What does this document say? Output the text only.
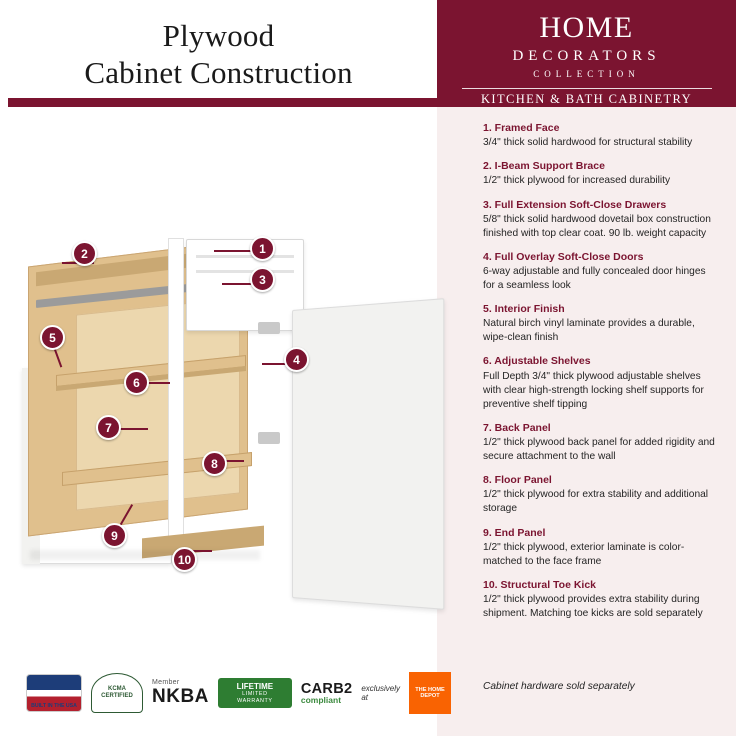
Plywood
Cabinet Construction
HOME
DECORATORS
COLLECTION
KITCHEN & BATH CABINETRY
1. Framed Face
3/4" thick solid hardwood for structural stability
2. I-Beam Support Brace
1/2" thick plywood for increased durability
3. Full Extension Soft-Close Drawers
5/8" thick solid hardwood dovetail box construction finished with top clear coat. 90 lb. weight capacity
4. Full Overlay Soft-Close Doors
6-way adjustable and fully concealed door hinges for a seamless look
5. Interior Finish
Natural birch vinyl laminate provides a durable, wipe-clean finish
6. Adjustable Shelves
Full Depth 3/4" thick plywood adjustable shelves with clear high-strength locking shelf supports for preventive shelf tipping
7. Back Panel
1/2" thick plywood back panel for added rigidity and secure attachment to the wall
8. Floor Panel
1/2" thick plywood for extra stability and additional storage
9. End Panel
1/2" thick plywood, exterior laminate is color-matched to the face frame
10. Structural Toe Kick
1/2" thick plywood provides extra stability during shipment. Matching toe kicks are sold separately
Cabinet hardware sold separately
1
2
3
4
5
6
7
8
9
10
BUILT IN THE USA
KCMA
CERTIFIED
Member
NKBA	LIFETIME
LIMITED WARRANTY
CARB2
compliant
exclusively at
THE HOME DEPOT
